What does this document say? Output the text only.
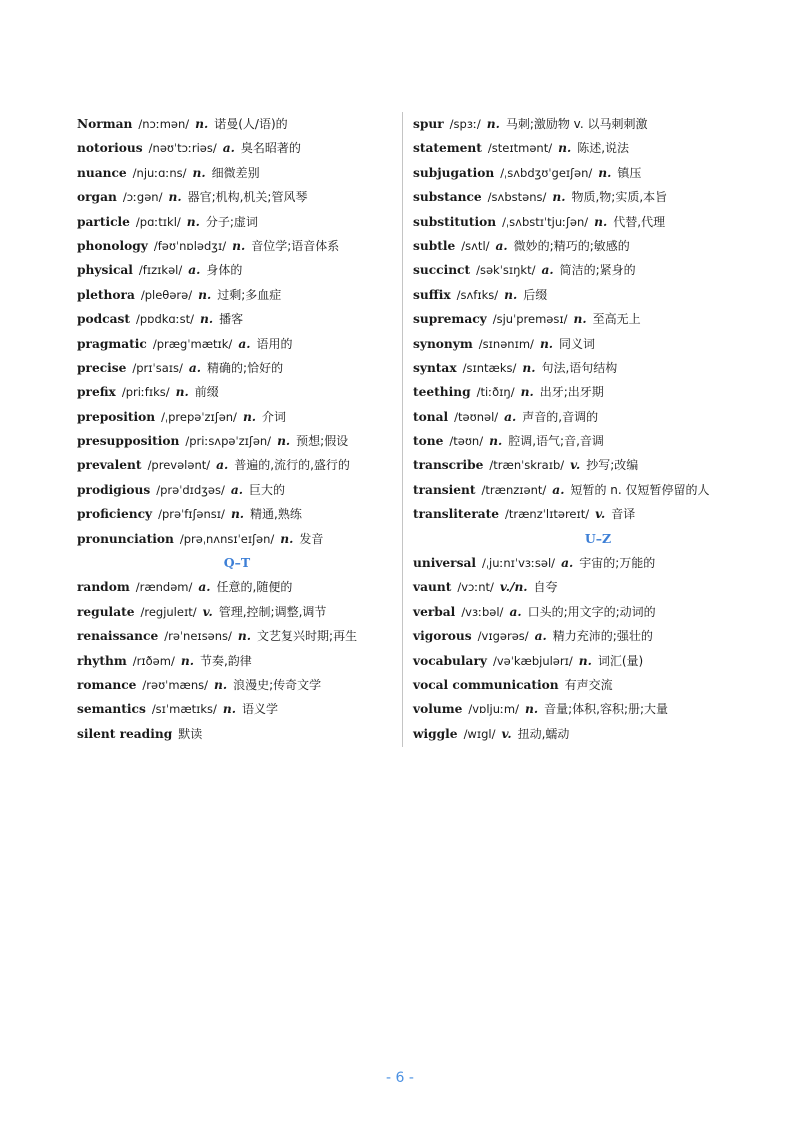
Norman /nɔːmən/ n. 诺曼(人/语)的
notorious /nəʊˈtɔːriəs/ a. 臭名昭著的
nuance /njuːɑːns/ n. 细微差别
organ /ɔːgən/ n. 器官;机构,机关;管风琴
particle /pɑːtɪkl/ n. 分子;虚词
phonology /fəʊˈnɒlədʒɪ/ n. 音位学;语音体系
physical /fɪzɪkəl/ a. 身体的
plethora /pleθərə/ n. 过剩;多血症
podcast /pɒdkɑːst/ n. 播客
pragmatic /prægˈmætɪk/ a. 语用的
precise /prɪˈsaɪs/ a. 精确的;恰好的
prefix /priːfɪks/ n. 前缀
preposition /ˌprepəˈzɪʃən/ n. 介词
presupposition /priːsʌpəˈzɪʃən/ n. 预想;假设
prevalent /prevələnt/ a. 普遍的,流行的,盛行的
prodigious /prəˈdɪdʒəs/ a. 巨大的
proficiency /prəˈfɪʃənsɪ/ n. 精通,熟练
pronunciation /prəˌnʌnsɪˈeɪʃən/ n. 发音
Q–T
random /rændəm/ a. 任意的,随便的
regulate /regjuleɪt/ v. 管理,控制;调整,调节
renaissance /rəˈneɪsəns/ n. 文艺复兴时期;再生
rhythm /rɪðəm/ n. 节奏,韵律
romance /rəʊˈmæns/ n. 浪漫史;传奇文学
semantics /sɪˈmætɪks/ n. 语义学
silent reading 默读
spur /spɜː/ n. 马刺;激励物 v. 以马刺刺激
statement /steɪtmənt/ n. 陈述,说法
subjugation /ˌsʌbdʒʊˈgeɪʃən/ n. 镇压
substance /sʌbstəns/ n. 物质,物;实质,本旨
substitution /ˌsʌbstɪˈtjuːʃən/ n. 代替,代理
subtle /sʌtl/ a. 微妙的;精巧的;敏感的
succinct /səkˈsɪŋkt/ a. 简洁的;紧身的
suffix /sʌfɪks/ n. 后缀
supremacy /sjuˈpreməsɪ/ n. 至高无上
synonym /sɪnənɪm/ n. 同义词
syntax /sɪntæks/ n. 句法,语句结构
teething /tiːðɪŋ/ n. 出牙;出牙期
tonal /təʊnəl/ a. 声音的,音调的
tone /təʊn/ n. 腔调,语气;音,音调
transcribe /trænˈskraɪb/ v. 抄写;改编
transient /trænzɪənt/ a. 短暂的 n. 仅短暂停留的人
transliterate /trænzˈlɪtəreɪt/ v. 音译
U–Z
universal /ˌjuːnɪˈvɜːsəl/ a. 宇宙的;万能的
vaunt /vɔːnt/ v./n. 自夸
verbal /vɜːbəl/ a. 口头的;用文字的;动词的
vigorous /vɪgərəs/ a. 精力充沛的;强壮的
vocabulary /vəˈkæbjulərɪ/ n. 词汇(量)
vocal communication 有声交流
volume /vɒljuːm/ n. 音量;体积,容积;册;大量
wiggle /wɪgl/ v. 扭动,蠕动
- 6 -
